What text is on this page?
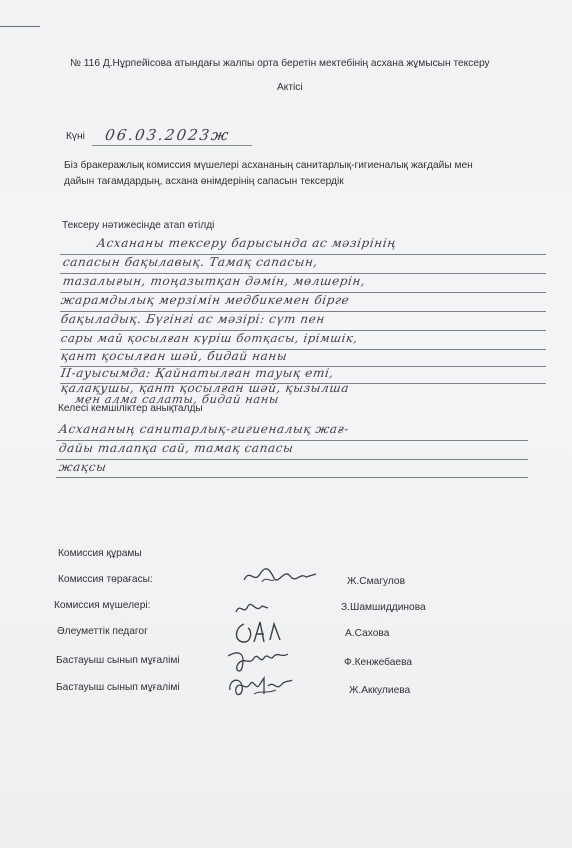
№ 116 Д.Нұрпейісова атындағы жалпы орта беретін мектебінің асхана жұмысын тексеру
Актісі
Күні 06.03.2023ж
Біз бракеражлық комиссия мүшелері асхананың санитарлық-гигиеналық жағдайы мен
дайын тағамдардың, асхана өнімдерінің сапасын тексердік
Тексеру нәтижесінде атап өтілді
Асхананы тексеру барысында ас мәзірінің
сапасын бақылавық. Тамақ сапасын,
тазалығын, тоңазытқан дәмін, мөлшерін,
жарамдылық мерзімін медбикемен бірге
бақыладық. Бүгінгі ас мәзірі: сүт пен
сары май қосылған күріш ботқасы, ірімшік,
қант қосылған шәй, бидай наны
ІІ-ауысымда: Қайнатылған тауық еті,
қалақушы, қант қосылған шәй, қызылша
мен алма салаты, бидай наны
Келесі кемшіліктер анықталды
Асхананың санитарлық-гигиеналық жағ-
дайы талапқа сай, тамақ сапасы
жақсы
Комиссия құрамы
Комиссия төрағасы:	Ж.Смагулов
Комиссия мүшелері:	З.Шамшиддинова
Әлеуметтік педагог	А.Сахова
Бастауыш сынып мұғалімі	Ф.Кенжебаева
Бастауыш сынып мұғалімі	Ж.Аккулиева
